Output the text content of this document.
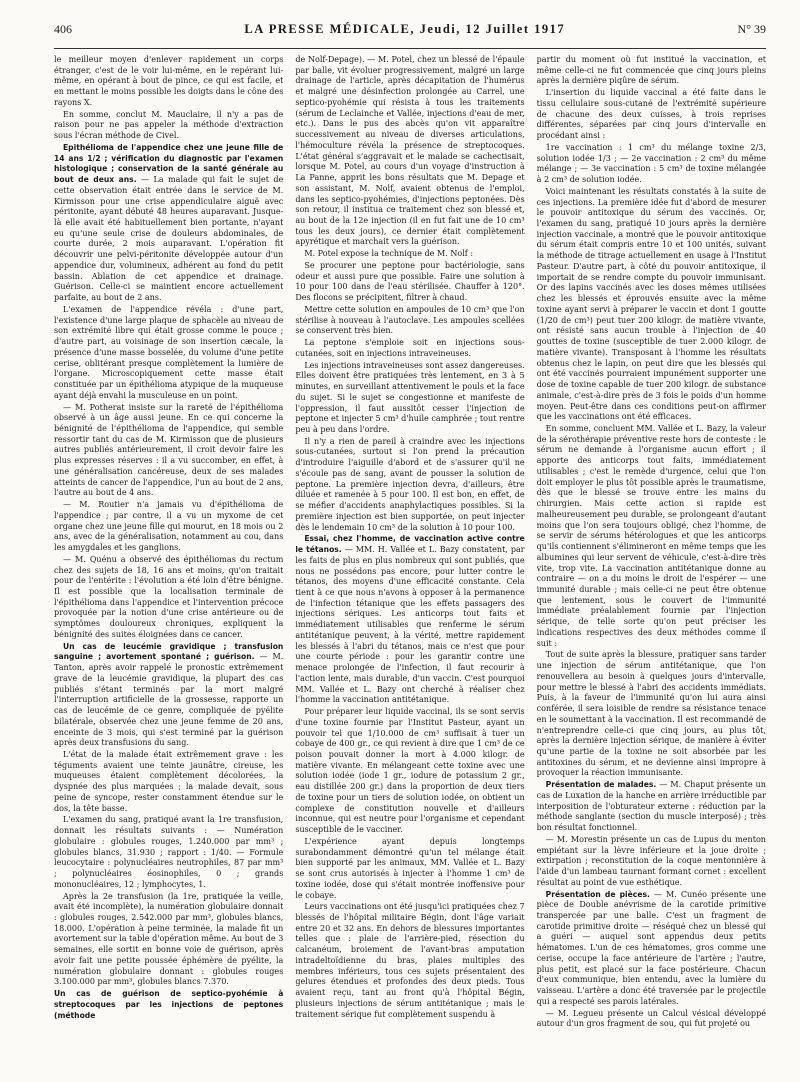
406	LA PRESSE MÉDICALE, Jeudi, 12 Juillet 1917	N° 39

le meilleur moyen d'enlever rapidement un corps étranger, c'est de le voir lui-même, en le repérant lui-même, en opérant à bout de pince, ce qui est facile, et en mettant le moins possible les doigts dans le cône des rayons X.

En somme, conclut M. Mauclaire, il n'y a pas de raison pour ne pas appeler la méthode d'extraction sous l'écran méthode de Civel.

Epithélioma de l'appendice chez une jeune fille de 14 ans 1/2 ; vérification du diagnostic par l'examen histologique ; conservation de la santé générale au bout de deux ans. — La malade qui fait le sujet de cette observation était entrée dans le service de M. Kirmisson pour une crise appendiculaire aiguë avec péritonite, ayant débuté 48 heures auparavant. Jusque-là elle avait été habituellement bien portante, n'ayant eu qu'une seule crise de douleurs abdominales, de courte durée, 2 mois auparavant. L'opération fit découvrir une pelvi-péritonite développée autour d'un appendice dur, volumineux, adhérent au fond du petit bassin. Ablation de cet appendice et drainage. Guérison. Celle-ci se maintient encore actuellement parfaite, au bout de 2 ans.

L'examen de l'appendice révéla : d'une part, l'existence d'une large plaque de sphacèle au niveau de son extrémité libre qui était grosse comme le pouce ; d'autre part, au voisinage de son insertion cæcale, la présence d'une masse bosselée, du volume d'une petite cerise, oblitérant presque complètement la lumière de l'organe. Microscopiquement cette masse était constituée par un épithélioma atypique de la muqueuse ayant déjà envahi la musculeuse en un point.

— M. Potherat insiste sur la rareté de l'épithélioma observé à un âge aussi jeune. En ce qui concerne la bénignité de l'épithélioma de l'appendice, qui semble ressortir tant du cas de M. Kirmisson que de plusieurs autres publiés antérieurement, il croit devoir faire les plus expresses réserves : il a vu succomber, en effet, à une généralisation cancéreuse, deux de ses malades atteints de cancer de l'appendice, l'un au bout de 2 ans, l'autre au bout de 4 ans.

— M. Routier n'a jamais vu d'épithélioma de l'appendice ; par contre, il a vu un myxome de cet organe chez une jeune fille qui mourut, en 18 mois ou 2 ans, avec de la généralisation, notamment au cou, dans les amygdales et les ganglions.

— M. Quénu a observé des épithéliomas du rectum chez des sujets de 18, 16 ans et moins, qu'on traitait pour de l'entérite : l'évolution a été loin d'être bénigne. Il est possible que la localisation terminale de l'épithélioma dans l'appendice et l'intervention précoce provoquée par la notion d'une crise antérieure ou de symptômes douloureux chroniques, expliquent la bénignité des suites éloignées dans ce cancer.

Un cas de leucémie gravidique ; transfusion sanguine ; avortement spontané ; guérison. — M. Tanton, après avoir rappelé le pronostic extrêmement grave de la leucémie gravidique, la plupart des cas publiés s'étant terminés par la mort malgré l'interruption artificielle de la grossesse, rapporte un cas de leucémie de ce genre, compliquée de pyélite bilatérale, observée chez une jeune femme de 20 ans, enceinte de 3 mois, qui s'est terminé par la guérison après deux transfusions du sang.

L'état de la malade était extrêmement grave : les téguments avaient une teinte jaunâtre, cireuse, les muqueuses étaient complètement décolorées, la dyspnée des plus marquées ; la malade devait, sous peine de syncope, rester constamment étendue sur le dos, la tête basse.

L'examen du sang, pratiqué avant la 1re transfusion, donnait les résultats suivants : — Numération globulaire : globules rouges, 1.240.000 par mm³ ; globules blancs, 31.930 ; rapport : 1/40. — Formule leucocytaire : polynucléaires neutrophiles, 87 par mm³ ; polynucléaires éosinophiles, 0 ; grands mononucléaires, 12 ; lymphocytes, 1.

Après la 2e transfusion (la 1re, pratiquée la veille, avait été incomplète), la numération globulaire donnait : globules rouges, 2.542.000 par mm³, globules blancs, 18.000. L'opération à peine terminée, la malade fit un avortement sur la table d'opération même. Au bout de 3 semaines, elle sortit en bonne voie de guérison, après avoir fait une petite poussée éphémère de pyélite, la numération globulaire donnant : globules rouges 3.100.000 par mm³, globules blancs 7.370.

Un cas de guérison de septico-pyohémie à streptocoques par les injections de peptones (méthode

de Nolf-Depage). — M. Potel, chez un blessé de l'épaule par balle, vit évoluer progressivement, malgré un large drainage de l'article, après décapitation de l'humérus et malgré une désinfection prolongée au Carrel, une septico-pyohémie qui résista à tous les traitements (sérum de Leclainche et Vallée, injections d'eau de mer, etc.). Dans le pus des abcès qu'on vit apparaître successivement au niveau de diverses articulations, l'hémoculture révéla la présence de streptocoques. L'état général s'aggravait et le malade se cachectisait, lorsque M. Potel, au cours d'un voyage d'instruction à La Panne, apprit les bons résultats que M. Depage et son assistant, M. Nolf, avaient obtenus de l'emploi, dans les septico-pyohémies, d'injections peptonées. Dès son retour, il institua ce traitement chez son blessé et, au bout de la 12e injection (il en fut fait une de 10 cm³ tous les deux jours), ce dernier était complètement apyrétique et marchait vers la guérison.

M. Potel expose la technique de M. Nolf :

Se procurer une peptone pour bactériologie, sans odeur et aussi pure que possible. Faire une solution à 10 pour 100 dans de l'eau stérilisée. Chauffer à 120°. Des flocons se précipitent, filtrer à chaud.

Mettre cette solution en ampoules de 10 cm³ que l'on stérilise à nouveau à l'autoclave. Les ampoules scellées se conservent très bien.

La peptone s'emploie soit en injections sous-cutanées, soit en injections intraveineuses.

Les injections intraveineuses sont assez dangereuses. Elles doivent être pratiquées très lentement, en 3 à 5 minutes, en surveillant attentivement le pouls et la face du sujet. Si le sujet se congestionne et manifeste de l'oppression, il faut aussitôt cesser l'injection de peptone et injecter 5 cm³ d'huile camphrée ; tout rentre peu à peu dans l'ordre.

Il n'y a rien de pareil à craindre avec les injections sous-cutanées, surtout si l'on prend la précaution d'introduire l'aiguille d'abord et de s'assurer qu'il ne s'écoule pas de sang, avant de pousser la solution de peptone. La première injection devra, d'ailleurs, être diluée et ramenée à 5 pour 100. Il est bon, en effet, de se méfier d'accidents anaphylactiques possibles. Si la première injection est bien supportée, on peut injecter dès le lendemain 10 cm³ de la solution à 10 pour 100.

Essai, chez l'homme, de vaccination active contre le tétanos. — MM. H. Vallée et L. Bazy constatent, par les faits de plus en plus nombreux qui sont publiés, que nous ne possédons pas encore, pour lutter contre le tétanos, des moyens d'une efficacité constante. Cela tient à ce que nous n'avons à opposer à la permanence de l'infection tétanique que les effets passagers des injections sériques. Les anticorps tout faits et immédiatement utilisables que renferme le sérum antitétanique peuvent, à la vérité, mettre rapidement les blessés à l'abri du tétanos, mais ce n'est que pour une courte période : pour les garantir contre une menace prolongée de l'infection, il faut recourir à l'action lente, mais durable, d'un vaccin. C'est pourquoi MM. Vallée et L. Bazy ont cherché à réaliser chez l'homme la vaccination antitétanique.

Pour préparer leur liquide vaccinal, ils se sont servis d'une toxine fournie par l'Institut Pasteur, ayant un pouvoir tel que 1/10.000 de cm³ suffisait à tuer un cobaye de 400 gr., ce qui revient à dire que 1 cm³ de ce poison pouvait donner la mort à 4.000 kilogr. de matière vivante. En mélangeant cette toxine avec une solution iodée (iode 1 gr., iodure de potassium 2 gr., eau distillée 200 gr.) dans la proportion de deux tiers de toxine pour un tiers de solution iodée, on obtient un complexe de constitution nouvelle et d'ailleurs inconnue, qui est neutre pour l'organisme et cependant susceptible de le vacciner.

L'expérience ayant depuis longtemps surabondamment démontré qu'un tel mélange était bien supporté par les animaux, MM. Vallée et L. Bazy se sont crus autorisés à injecter à l'homme 1 cm³ de toxine iodée, dose qui s'était montrée inoffensive pour le cobaye.

Leurs vaccinations ont été jusqu'ici pratiquées chez 7 blessés de l'hôpital militaire Bégin, dont l'âge variait entre 20 et 32 ans. En dehors de blessures importantes telles que : plaie de l'arrière-pied, résection du calcanéum, broiement de l'avant-bras amputation intradeltoïdienne du bras, plaies multiples des membres inférieurs, tous ces sujets présentaient des gelures étendues et profondes des deux pieds. Tous avaient reçu, tant au front qu'à l'hôpital Bégin, plusieurs injections de sérum antitétanique ; mais le traitement sérique fut complètement suspendu à

partir du moment où fut institué la vaccination, et même celle-ci ne fut commencée que cinq jours pleins après la dernière piqûre de sérum.

L'insertion du liquide vaccinal a été faite dans le tissu cellulaire sous-cutané de l'extrémité supérieure de chacune des deux cuisses, à trois reprises différentes, séparées par cinq jours d'intervalle en procédant ainsi :

1re vaccination : 1 cm³ du mélange toxine 2/3, solution iodée 1/3 ; — 2e vaccination : 2 cm³ du même mélange ; — 3e vaccination : 5 cm³ de toxine mélangée à 2 cm³ de solution iodée.

Voici maintenant les résultats constatés à la suite de ces injections. La première idée fut d'abord de mesurer le pouvoir antitoxique du sérum des vaccinés. Or, l'examen du sang, pratiqué 10 jours après la dernière injection vaccinale, a montré que le pouvoir antitoxique du sérum était compris entre 10 et 100 unités, suivant la méthode de titrage actuellement en usage à l'Institut Pasteur. D'autre part, à côté du pouvoir antitoxique, il importait de se rendre compte du pouvoir immunisant. Or des lapins vaccinés avec les doses mêmes utilisées chez les blessés et éprouvés ensuite avec la même toxine ayant servi à préparer le vaccin et dont 1 goutte (1/20 de cm³) peut tuer 200 kilogr. de matière vivante, ont résisté sans aucun trouble à l'injection de 40 gouttes de toxine (susceptible de tuer 2.000 kilogr. de matière vivante). Transposant à l'homme les résultats obtenus chez le lapin, on peut dire que les blessés qui ont été vaccinés pourraient impunément supporter une dose de toxine capable de tuer 200 kilogr. de substance animale, c'est-à-dire près de 3 fois le poids d'un homme moyen. Peut-être dans ces conditions peut-on affirmer que les vaccinations ont été efficaces.

En somme, concluent MM. Vallée et L. Bazy, la valeur de la sérothérapie préventive reste hors de conteste : le sérum ne demande à l'organisme aucun effort ; il apporte des anticorps tout faits, immédiatement utilisables ; c'est le remède d'urgence, celui que l'on doit employer le plus tôt possible après le traumatisme, dès que le blessé se trouve entre les mains du chirurgien. Mais cette action si rapide est malheureusement peu durable, se prolongeant d'autant moins que l'on sera toujours obligé, chez l'homme, de se servir de sérums hétérologues et que les anticorps qu'ils contiennent s'élimineront en même temps que les albumines qui leur servent de véhicule, c'est-à-dire très vite, trop vite. La vaccination antitétanique donne au contraire — on a du moins le droit de l'espérer — une immunité durable ; mais celle-ci ne peut être obtenue que lentement, sous le couvert de l'immunité immédiate préalablement fournie par l'injection sérique, de telle sorte qu'on peut préciser les indications respectives des deux méthodes comme il suit :

Tout de suite après la blessure, pratiquer sans tarder une injection de sérum antitétanique, que l'on renouvellera au besoin à quelques jours d'intervalle, pour mettre le blessé à l'abri des accidents immédiats. Puis, à la faveur de l'immunité qu'on lui aura ainsi conférée, il sera loisible de rendre sa résistance tenace en le soumettant à la vaccination. Il est recommandé de n'entreprendre celle-ci que cinq jours, au plus tôt, après la dernière injection sérique, de manière à éviter qu'une partie de la toxine ne soit absorbée par les antitoxines du sérum, et ne devienne ainsi impropre à provoquer la réaction immunisante.

Présentation de malades. — M. Chaput présente un cas de Luxation de la hanche en arrière irréductible par interposition de l'obturateur externe : réduction par la méthode sanglante (section du muscle interposé) ; très bon résultat fonctionnel.

— M. Morestin présente un cas de Lupus du menton empiétant sur la lèvre inférieure et la joue droite ; extirpation ; reconstitution de la coque mentonnière à l'aide d'un lambeau taurnant formant cornet : excellent résultat au point de vue esthétique.

Présentation de pièces. — M. Cunéo présente une pièce de Double anévrisme de la carotide primitive transpercée par une balle. C'est un fragment de carotide primitive droite — réséqué chez un blessé qui a guéri — auquel sont appendus deux petits hématomes. L'un de ces hématomes, gros comme une cerise, occupe la face antérieure de l'artère ; l'autre, plus petit, est placé sur la face postérieure. Chacun d'eux communique, bien entendu, avec la lumière du vaisseau. L'artère a donc été traversée par le projectile qui a respecté ses parois latérales.

— M. Legueu présente un Calcul vésical développé autour d'un gros fragment de sou, qui fut projeté ou
